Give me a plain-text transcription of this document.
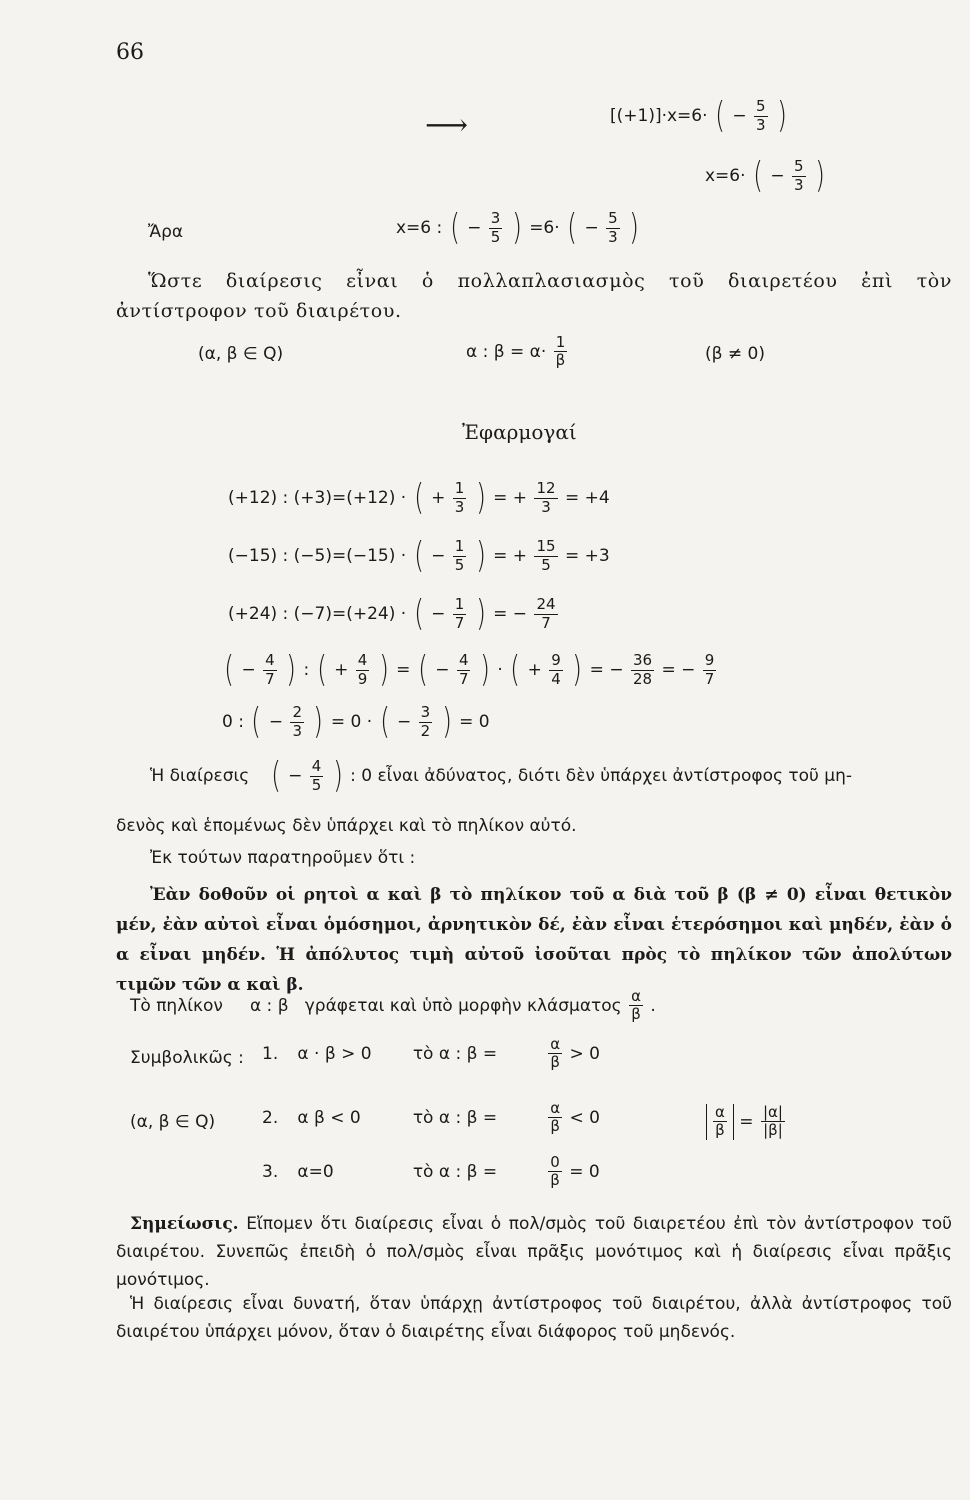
66
⟶	[(+1)]·x=6· ( − $\frac{5}{3}$ )
x=6· ( − $\frac{5}{3}$ )
Ἄρα	x=6 : ( − $\frac{3}{5}$ ) =6· ( − $\frac{5}{3}$ )
Ὥστε διαίρεσις εἶναι ὁ πολλαπλασιασμὸς τοῦ διαιρετέου ἐπὶ τὸν ἀντίστροφον τοῦ διαιρέτου.
(α, β ∈ Q)	α : $\beta = \alpha\cdot \frac{1}{\beta}$	(β ≠ 0)
Ἐφαρμογαί
(+12) : (+3)=(+12) · ( + $\frac{1}{3}$ ) = + $\frac{12}{3} = +4$
(−15) : (−5)=(−15) · ( − $\frac{1}{5}$ ) = + $\frac{15}{5} = +3$
(+24) : (−7)=(+24) · ( − $\frac{1}{7}$ ) = − $\frac{24}{7}$
( − $\frac{4}{7}$ ) : ( + $\frac{4}{9}$ ) = ( − $\frac{4}{7}$ ) · ( + $\frac{9}{4}$ ) = − $\frac{36}{28}$ = − $\frac{9}{7}$
0 : ( − $\frac{2}{3}$ ) = 0 · ( − $\frac{3}{2}$ ) = 0
Ἡ διαίρεσις ( − $\frac{4}{5}$ ) : 0 εἶναι ἀδύνατος, διότι δὲν ὑπάρχει ἀντίστροφος τοῦ μη-
δενὸς καὶ ἑπομένως δὲν ὑπάρχει καὶ τὸ πηλίκον αὐτό.
Ἐκ τούτων παρατηροῦμεν ὅτι :
Ἐὰν δοθοῦν οἱ ρητοὶ α καὶ β τὸ πηλίκον τοῦ α διὰ τοῦ β (β ≠ 0) εἶναι θετικὸν μέν, ἐὰν αὐτοὶ εἶναι ὁμόσημοι, ἀρνητικὸν δέ, ἐὰν εἶναι ἑτερόσημοι καὶ μηδέν, ἐὰν ὁ α εἶναι μηδέν. Ἡ ἀπόλυτος τιμὴ αὐτοῦ ἰσοῦται πρὸς τὸ πηλίκον τῶν ἀπολύτων τιμῶν τῶν α καὶ β.
Τὸ πηλίκον     α : β   γράφεται καὶ ὑπὸ μορφὴν κλάσματος $\frac{\alpha}{\beta}$ .
Συμβολικῶς :
(α, β ∈ Q)
1. α · β > 0 τὸ α : β =	$\frac{\alpha}{\beta} > 0$
2. α β < 0	τὸ α : β =	$\frac{\alpha}{\beta} < 0$
3. α=0	τὸ α : β =	$\frac{0}{\beta} = 0$
$\frac{\alpha}{\beta} = \frac{|\alpha|}{|\beta|}$
Σημείωσις. Εἴπομεν ὅτι διαίρεσις εἶναι ὁ πολ/σμὸς τοῦ διαιρετέου ἐπὶ τὸν ἀντίστροφον τοῦ διαιρέτου. Συνεπῶς ἐπειδὴ ὁ πολ/σμὸς εἶναι πρᾶξις μονότιμος καὶ ἡ διαίρεσις εἶναι πρᾶξις μονότιμος.
Ἡ διαίρεσις εἶναι δυνατή, ὅταν ὑπάρχῃ ἀντίστροφος τοῦ διαιρέτου, ἀλλὰ ἀντίστροφος τοῦ διαιρέτου ὑπάρχει μόνον, ὅταν ὁ διαιρέτης εἶναι διάφορος τοῦ μηδενός.
